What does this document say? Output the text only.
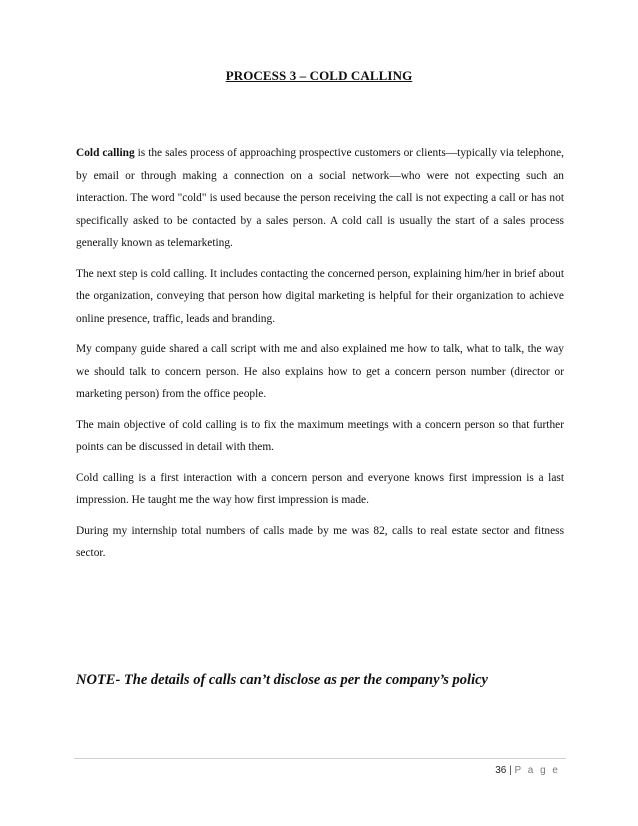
PROCESS 3 – COLD CALLING

Cold calling is the sales process of approaching prospective customers or clients—typically via telephone, by email or through making a connection on a social network—who were not expecting such an interaction. The word "cold" is used because the person receiving the call is not expecting a call or has not specifically asked to be contacted by a sales person. A cold call is usually the start of a sales process generally known as telemarketing.

The next step is cold calling. It includes contacting the concerned person, explaining him/her in brief about the organization, conveying that person how digital marketing is helpful for their organization to achieve online presence, traffic, leads and branding.

My company guide shared a call script with me and also explained me how to talk, what to talk, the way we should talk to concern person. He also explains how to get a concern person number (director or marketing person) from the office people.

The main objective of cold calling is to fix the maximum meetings with a concern person so that further points can be discussed in detail with them.

Cold calling is a first interaction with a concern person and everyone knows first impression is a last impression. He taught me the way how first impression is made.

During my internship total numbers of calls made by me was 82, calls to real estate sector and fitness sector.

NOTE- The details of calls can’t disclose as per the company’s policy
36 | P a g e
